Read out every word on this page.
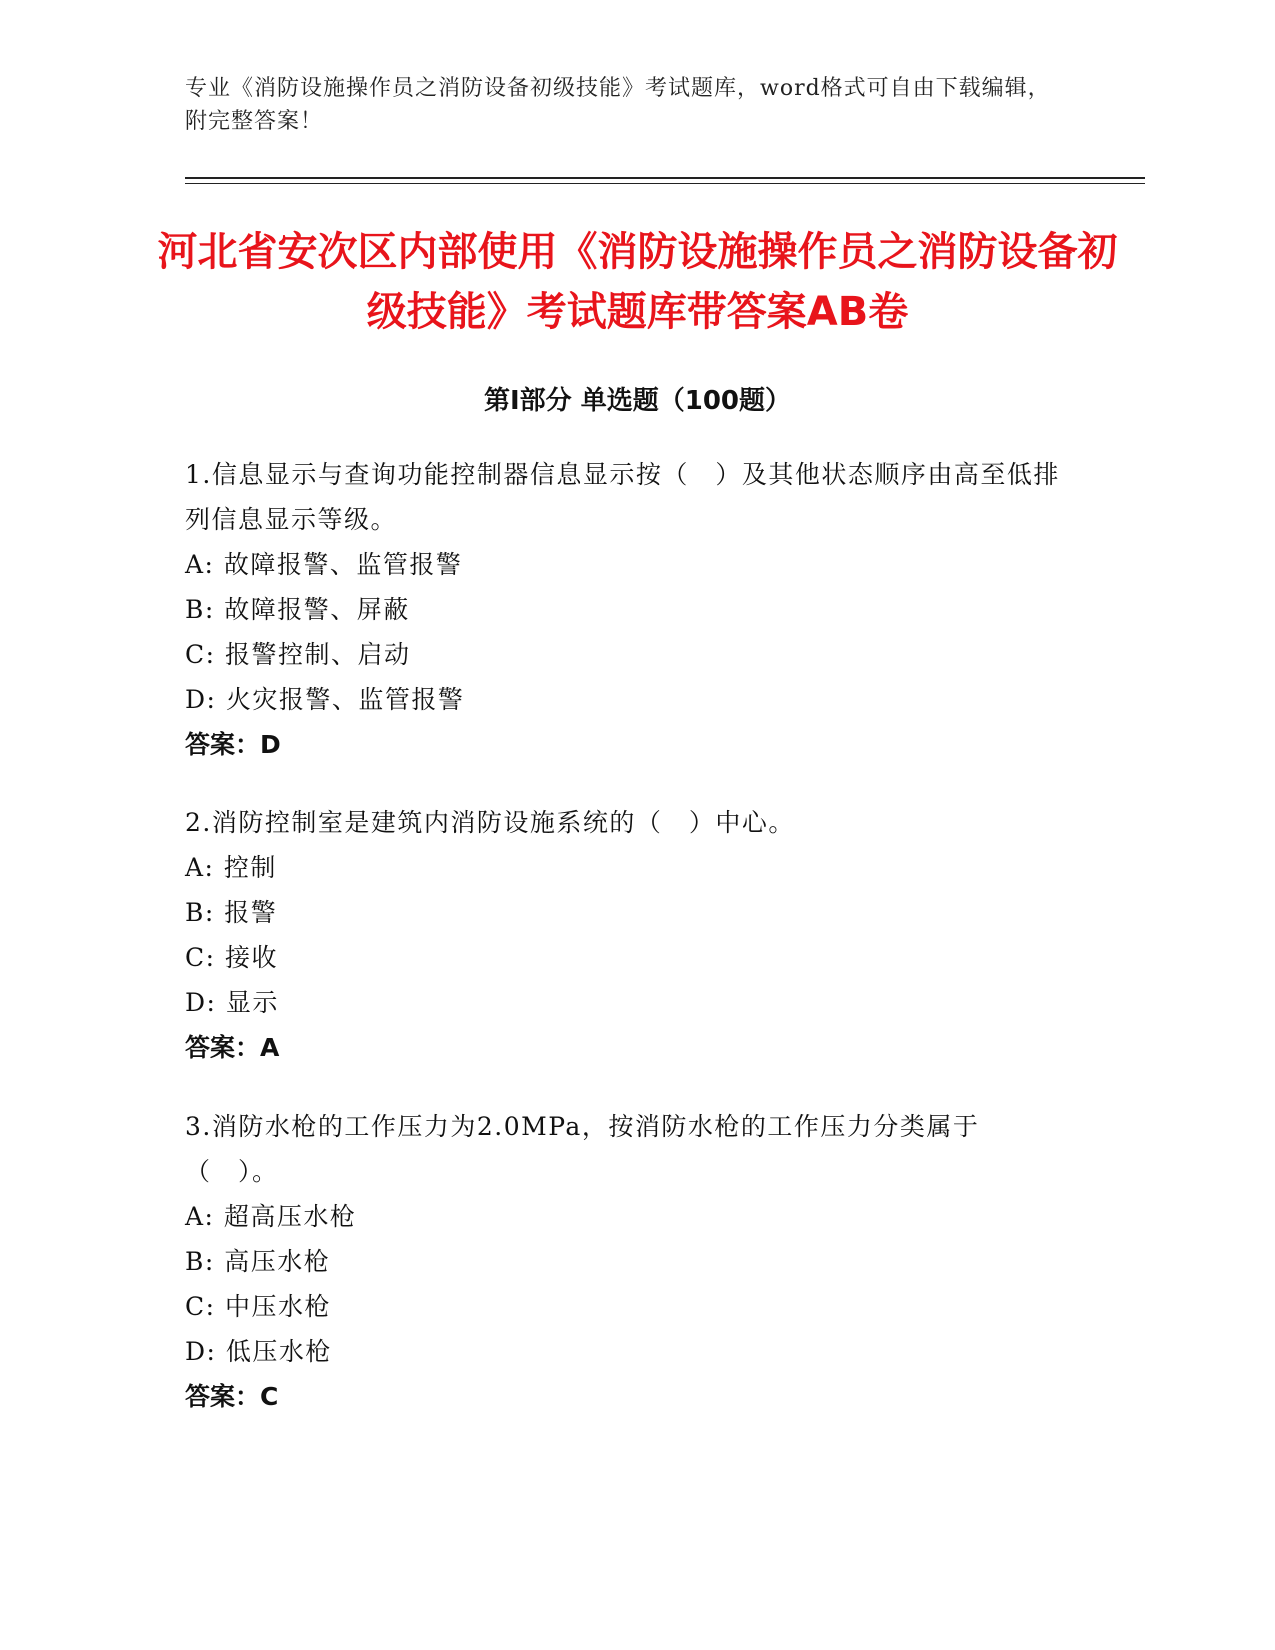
专业《消防设施操作员之消防设备初级技能》考试题库，word格式可自由下载编辑，附完整答案！
河北省安次区内部使用《消防设施操作员之消防设备初级技能》考试题库带答案AB卷
第I部分 单选题（100题）
1.信息显示与查询功能控制器信息显示按（　）及其他状态顺序由高至低排列信息显示等级。
A: 故障报警、监管报警
B: 故障报警、屏蔽
C: 报警控制、启动
D: 火灾报警、监管报警
答案：D
2.消防控制室是建筑内消防设施系统的（　）中心。
A: 控制
B: 报警
C: 接收
D: 显示
答案：A
3.消防水枪的工作压力为2.0MPa，按消防水枪的工作压力分类属于（　）。
A: 超高压水枪
B: 高压水枪
C: 中压水枪
D: 低压水枪
答案：C
